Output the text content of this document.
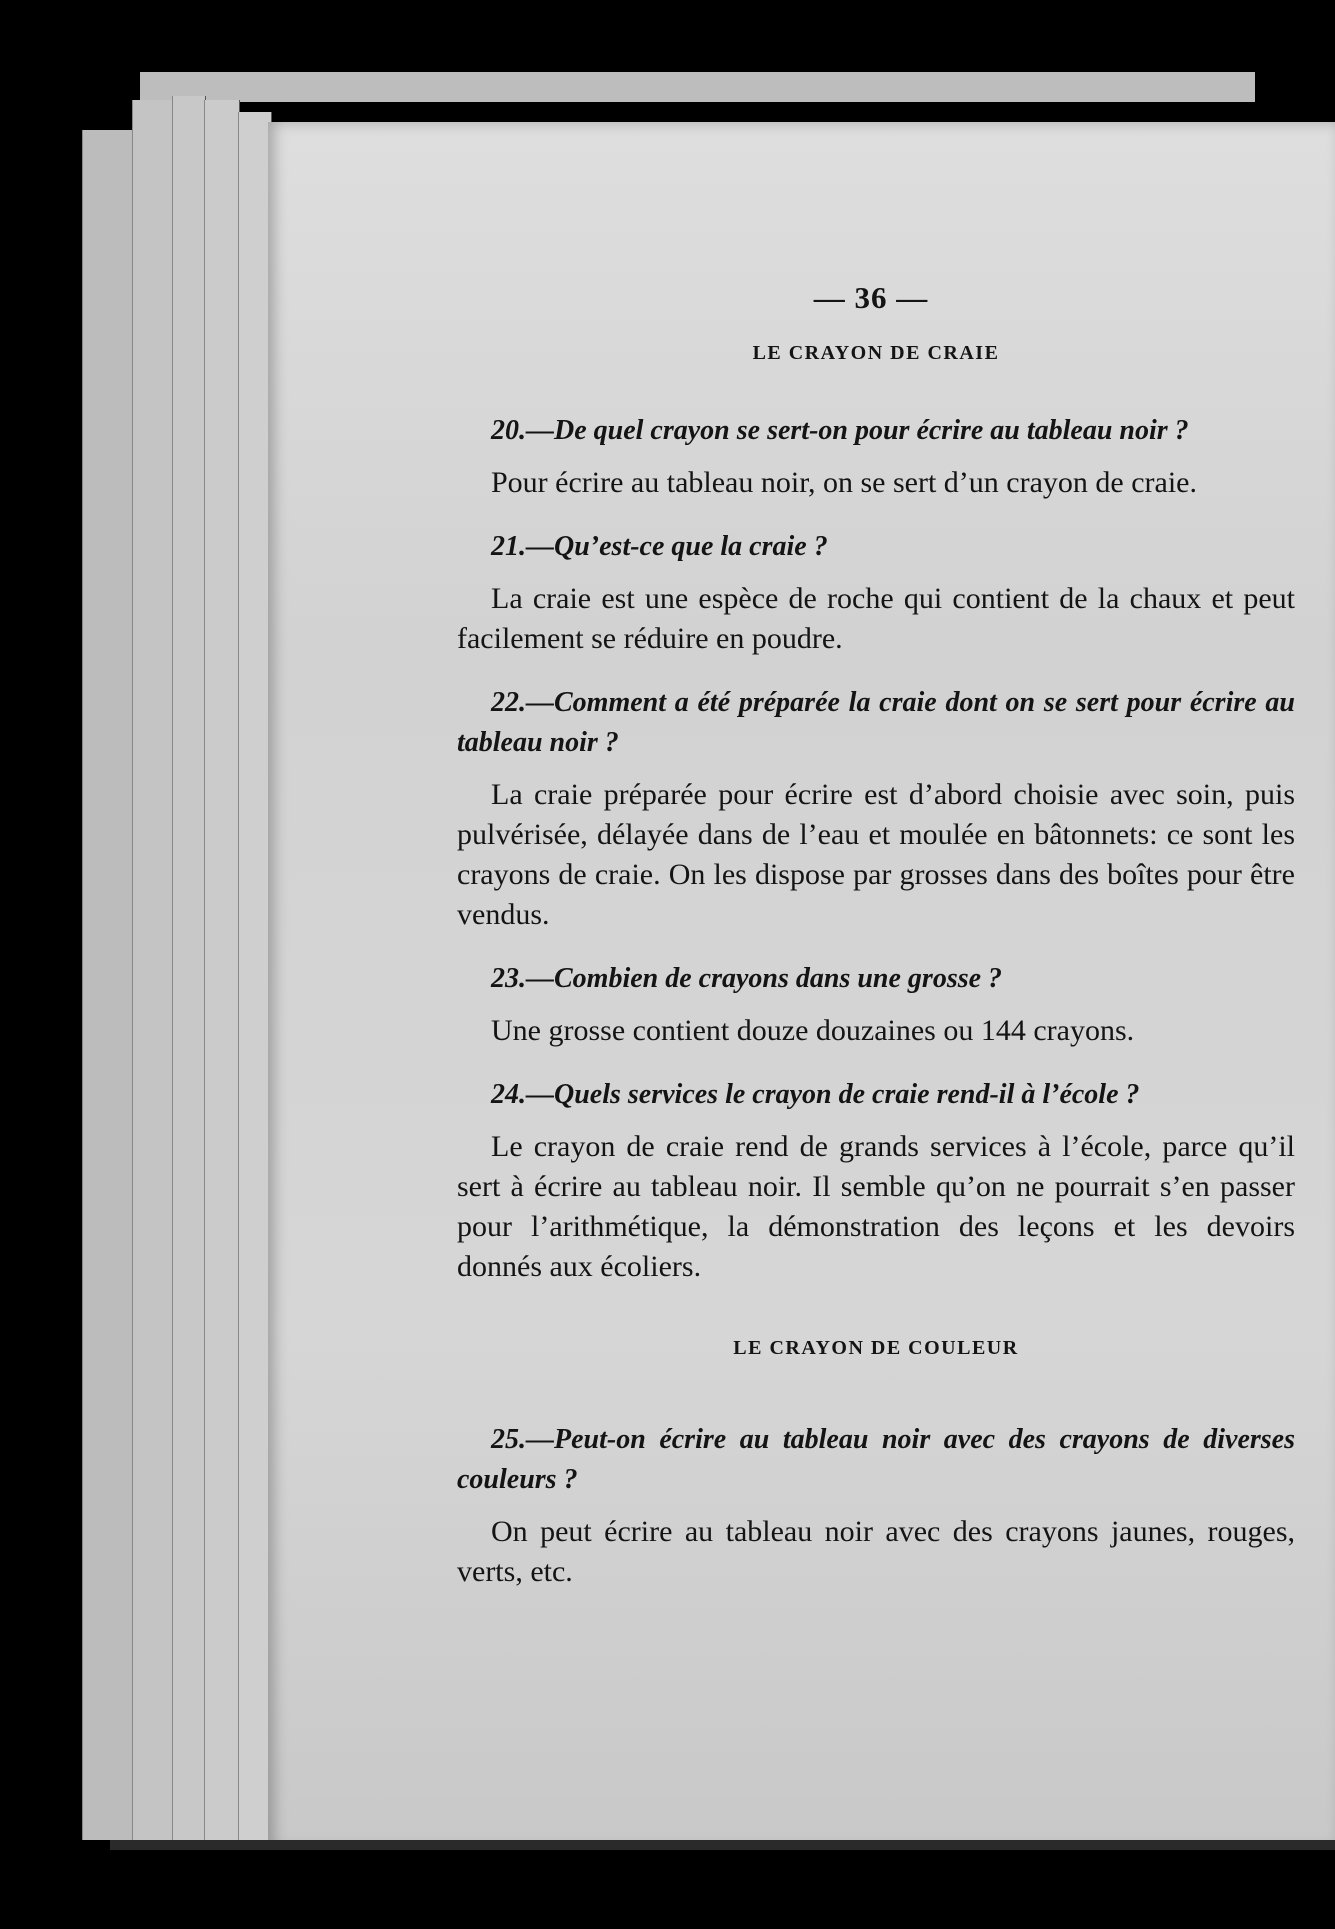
— 36 —
LE CRAYON DE CRAIE

20.—De quel crayon se sert-on pour écrire au tableau noir ?

Pour écrire au tableau noir, on se sert d’un crayon de craie.

21.—Qu’est-ce que la craie ?

La craie est une espèce de roche qui contient de la chaux et peut facilement se réduire en poudre.

22.—Comment a été préparée la craie dont on se sert pour écrire au tableau noir ?

La craie préparée pour écrire est d’abord choisie avec soin, puis pulvérisée, délayée dans de l’eau et moulée en bâtonnets: ce sont les crayons de craie. On les dispose par grosses dans des boîtes pour être vendus.

23.—Combien de crayons dans une grosse ?

Une grosse contient douze douzaines ou 144 crayons.

24.—Quels services le crayon de craie rend-il à l’école ?

Le crayon de craie rend de grands services à l’école, parce qu’il sert à écrire au tableau noir. Il semble qu’on ne pourrait s’en passer pour l’arithmétique, la démonstration des leçons et les devoirs donnés aux écoliers.

LE CRAYON DE COULEUR

25.—Peut-on écrire au tableau noir avec des crayons de diverses couleurs ?

On peut écrire au tableau noir avec des crayons jaunes, rouges, verts, etc.
